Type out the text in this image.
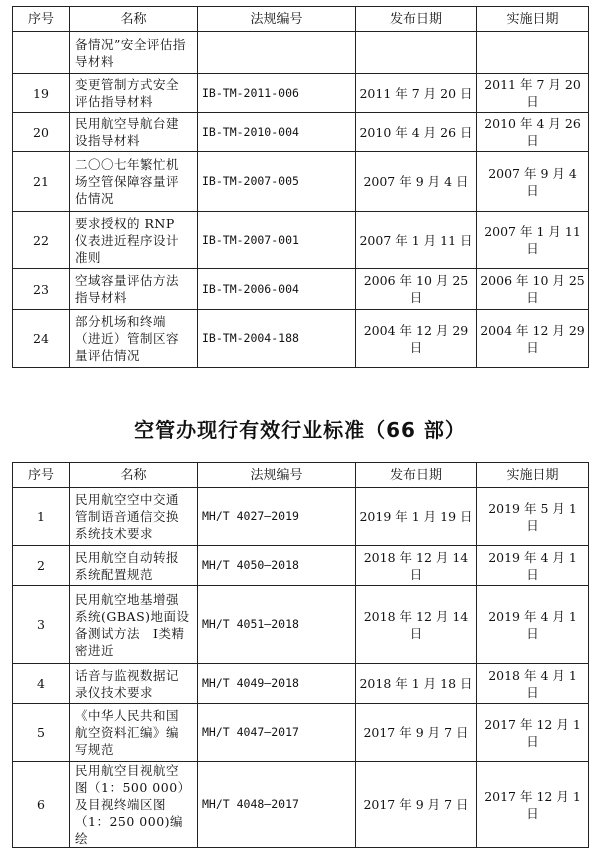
序号	名称	法规编号	发布日期	实施日期
	备情况”安全评估指导材料			
19	变更管制方式安全评估指导材料	IB-TM-2011-006	2011 年 7 月 20 日	2011 年 7 月 20 日
20	民用航空导航台建设指导材料	IB-TM-2010-004	2010 年 4 月 26 日	2010 年 4 月 26 日
21	二〇〇七年繁忙机场空管保障容量评估情况	IB-TM-2007-005	2007 年 9 月 4 日	2007 年 9 月 4 日
22	要求授权的 RNP 仪表进近程序设计准则	IB-TM-2007-001	2007 年 1 月 11 日	2007 年 1 月 11 日
23	空域容量评估方法指导材料	IB-TM-2006-004	2006 年 10 月 25 日	2006 年 10 月 25 日
24	部分机场和终端（进近）管制区容量评估情况	IB-TM-2004-188	2004 年 12 月 29 日	2004 年 12 月 29 日
空管办现行有效行业标准（66 部）
序号	名称	法规编号	发布日期	实施日期
1	民用航空空中交通管制语音通信交换系统技术要求	MH/T 4027—2019	2019 年 1 月 19 日	2019 年 5 月 1 日
2	民用航空自动转报系统配置规范	MH/T 4050—2018	2018 年 12 月 14 日	2019 年 4 月 1 日
3	民用航空地基增强系统(GBAS)地面设备测试方法　Ⅰ类精密进近	MH/T 4051—2018	2018 年 12 月 14 日	2019 年 4 月 1 日
4	话音与监视数据记录仪技术要求	MH/T 4049—2018	2018 年 1 月 18 日	2018 年 4 月 1 日
5	《中华人民共和国航空资料汇编》编写规范	MH/T 4047—2017	2017 年 9 月 7 日	2017 年 12 月 1 日
6	民用航空目视航空图（1：500 000）及目视终端区图（1：250 000)编绘	MH/T 4048—2017	2017 年 9 月 7 日	2017 年 12 月 1 日
